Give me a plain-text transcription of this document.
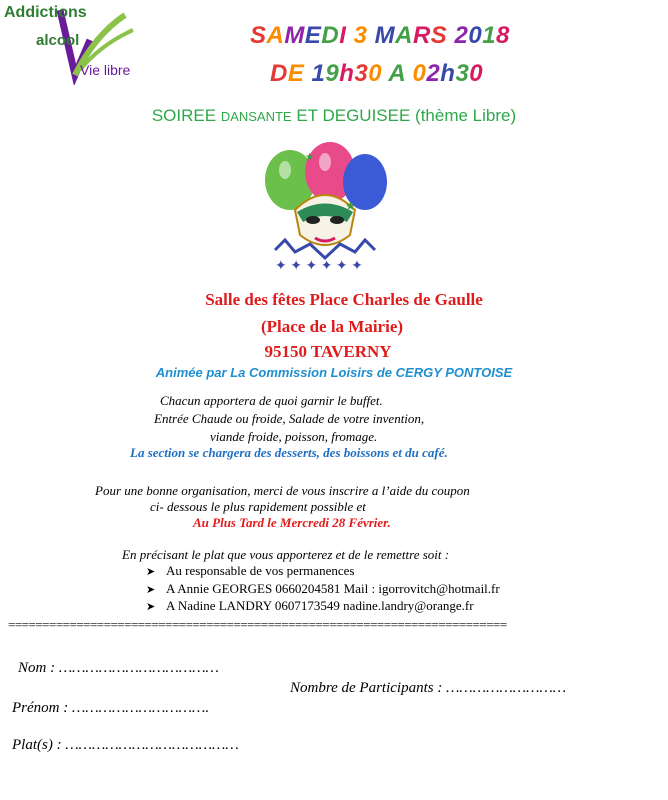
Addictions
alcool
Vie libre
SAMEDI 3 MARS 2018
DE 19h30 A 02h30
SOIREE DANSANTE ET DEGUISEE (thème Libre)
✦ ✦ ✦ ✦ ✦ ✦
★
★
Salle des fêtes Place Charles de Gaulle
(Place de la Mairie)
95150 TAVERNY
Animée par La Commission Loisirs de CERGY PONTOISE
Chacun apportera de quoi garnir le buffet.
Entrée Chaude ou froide, Salade de votre invention,
viande froide, poisson, fromage.
La section se chargera des desserts, des boissons et du café.
Pour une bonne organisation, merci de vous inscrire a l’aide du coupon
ci- dessous le plus rapidement possible et
Au Plus Tard le Mercredi 28 Février.
En précisant le plat que vous apporterez et de le remettre soit :
➤ Au responsable de vos permanences
➤ A Annie GEORGES 0660204581 Mail : igorrovitch@hotmail.fr
➤ A Nadine LANDRY 0607173549 nadine.landry@orange.fr
=========================================================================
Nom : ………………………………
Nombre de Participants : ………………………
Prénom : ………………………….
Plat(s) : …………………………………
